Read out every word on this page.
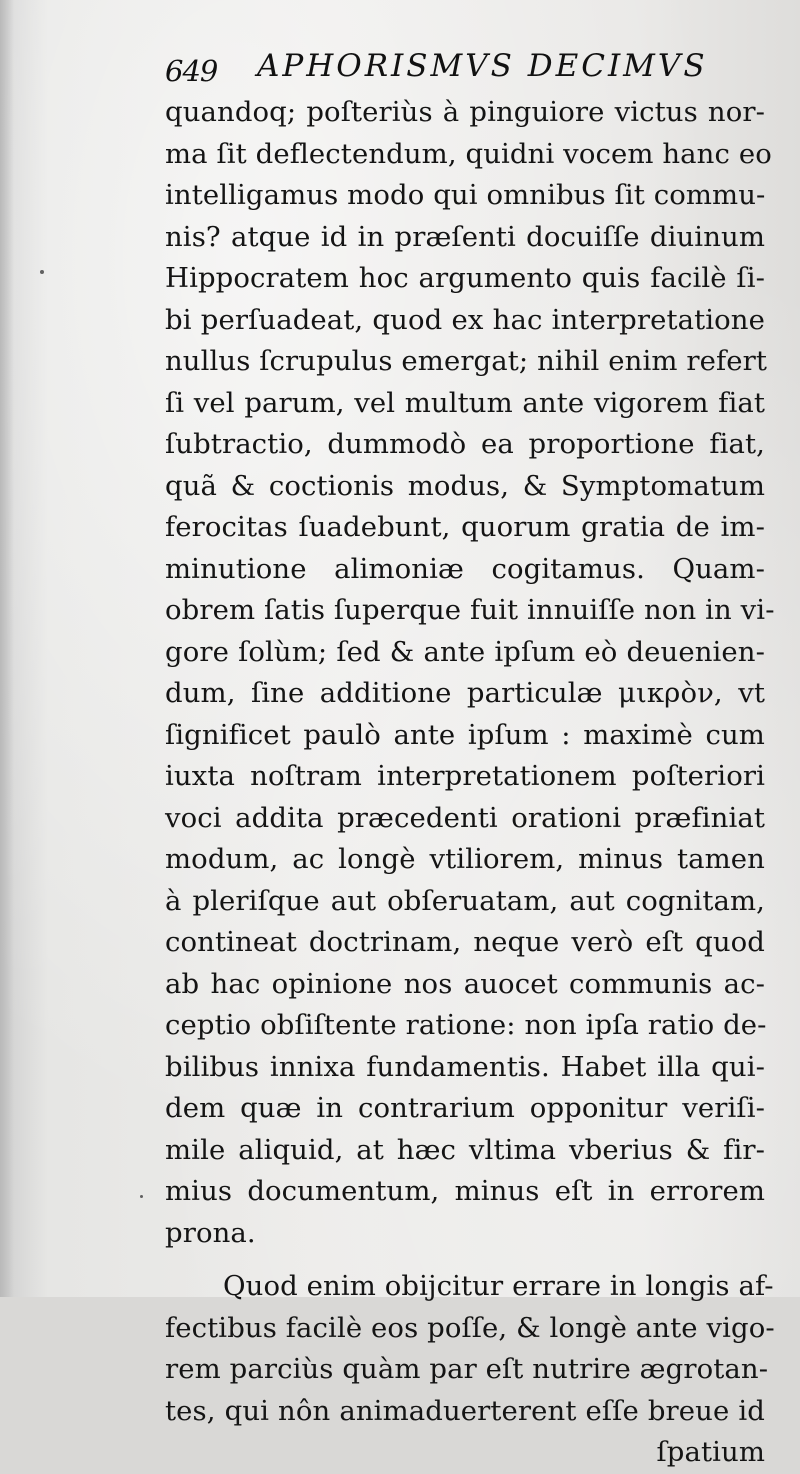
649 APHORISMVS DECIMVS
quandoq; poſteriùs à pinguiore victus nor-
ma ſit deflectendum, quidni vocem hanc eo
intelligamus modo qui omnibus ſit commu-
nis? atque id in præſenti docuiſſe diuinum
Hippocratem hoc argumento quis facilè ſi-
bi perſuadeat, quod ex hac interpretatione
nullus ſcrupulus emergat; nihil enim refert
ſi vel parum, vel multum ante vigorem fiat
ſubtractio, dummodò ea proportione fiat,
quã & coctionis modus, & Symptomatum
ferocitas ſuadebunt, quorum gratia de im-
minutione alimoniæ cogitamus. Quam-
obrem ſatis ſuperque fuit innuiſſe non in vi-
gore ſolùm; ſed & ante ipſum eò deuenien-
dum, ſine additione particulæ μικρὸν, vt
ſignificet paulò ante ipſum : maximè cum
iuxta noſtram interpretationem poſteriori
voci addita præcedenti orationi præfiniat
modum, ac longè vtiliorem, minus tamen
à pleriſque aut obſeruatam, aut cognitam,
contineat doctrinam, neque verò eſt quod
ab hac opinione nos auocet communis ac-
ceptio obſiſtente ratione: non ipſa ratio de-
bilibus innixa fundamentis. Habet illa qui-
dem quæ in contrarium opponitur veriſi-
mile aliquid, at hæc vltima vberius & fir-
mius documentum, minus eſt in errorem
prona.
Quod enim obijcitur errare in longis af-
fectibus facilè eos poſſe, & longè ante vigo-
rem parciùs quàm par eſt nutrire ægrotan-
tes, qui nôn animaduerterent eſſe breue id
ſpatium
